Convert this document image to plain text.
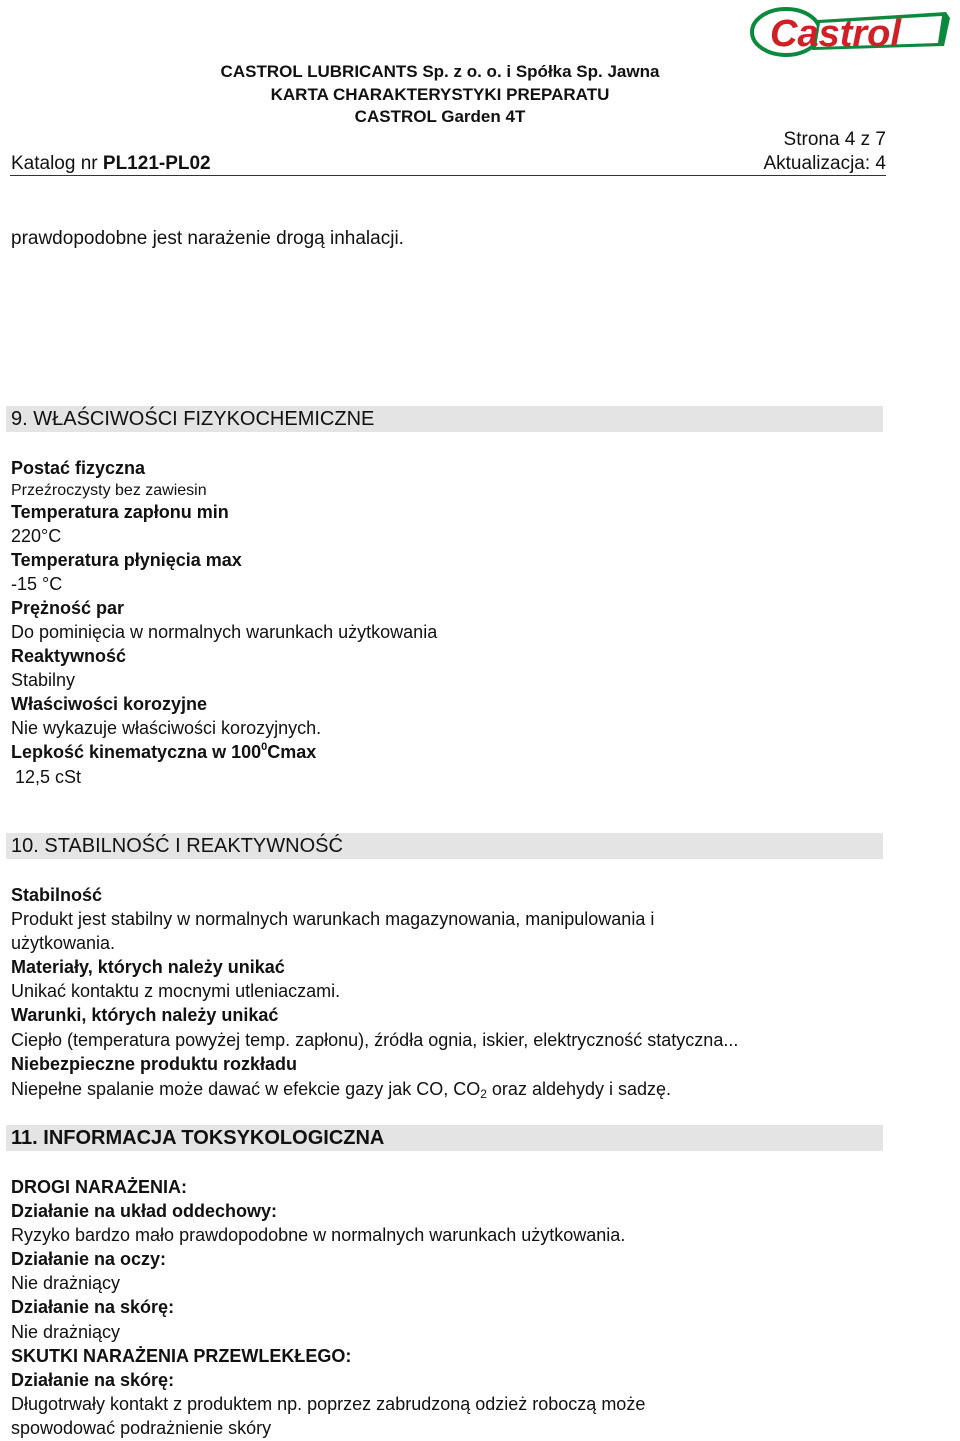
Castrol
CASTROL LUBRICANTS Sp. z o. o. i Spółka Sp. Jawna
KARTA CHARAKTERYSTYKI PREPARATU
CASTROL Garden 4T
Strona 4 z 7
Katalog nr PL121-PL02	Aktualizacja: 4
prawdopodobne jest narażenie drogą inhalacji.
9. WŁAŚCIWOŚCI FIZYKOCHEMICZNE
Postać fizyczna
Przeźroczysty bez zawiesin
Temperatura zapłonu min
220°C
Temperatura płynięcia max
-15 °C
Prężność par
Do pominięcia w normalnych warunkach użytkowania
Reaktywność
Stabilny
Właściwości korozyjne
Nie wykazuje właściwości korozyjnych.
Lepkość kinematyczna w $100^0Cmax$
12,5 cSt
10. STABILNOŚĆ I REAKTYWNOŚĆ
Stabilność
Produkt jest stabilny w normalnych warunkach magazynowania, manipulowania i
użytkowania.
Materiały, których należy unikać
Unikać kontaktu z mocnymi utleniaczami.
Warunki, których należy unikać
Ciepło (temperatura powyżej temp. zapłonu), źródła ognia, iskier, elektryczność statyczna...
Niebezpieczne produktu rozkładu
Niepełne spalanie może dawać w efekcie gazy jak CO, $CO_2$ oraz aldehydy i sadzę.
11. INFORMACJA TOKSYKOLOGICZNA
DROGI NARAŻENIA:
Działanie na układ oddechowy:
Ryzyko bardzo mało prawdopodobne w normalnych warunkach użytkowania.
Działanie na oczy:
Nie drażniący
Działanie na skórę:
Nie drażniący
SKUTKI NARAŻENIA PRZEWLEKŁEGO:
Działanie na skórę:
Długotrwały kontakt z produktem np. poprzez zabrudzoną odzież roboczą może
spowodować podrażnienie skóry
